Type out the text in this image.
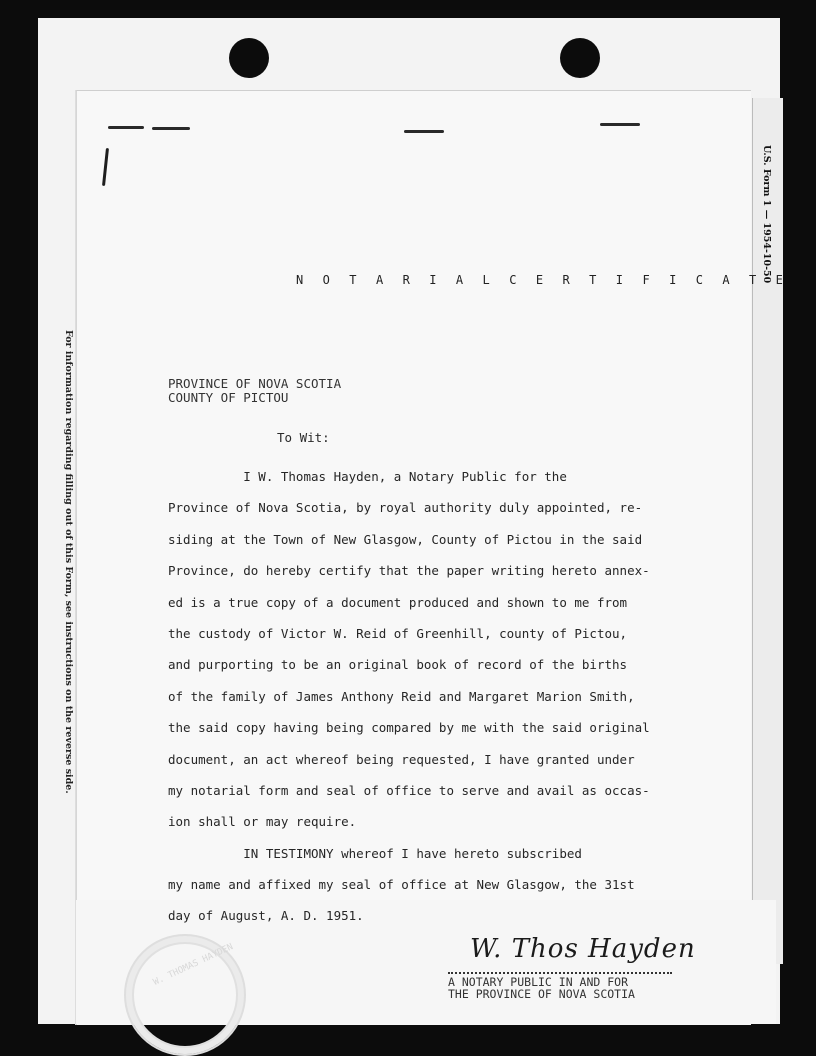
For information regarding filling out of this Form, see instructions on the reverse side.
U.S. Form 1 — 1954-10-50
N O T A R I A L C E R T I F I C A T E
PROVINCE OF NOVA SCOTIA
COUNTY OF PICTOU
To Wit:
I W. Thomas Hayden, a Notary Public for the
Province of Nova Scotia, by royal authority duly appointed, re-
siding at the Town of New Glasgow, County of Pictou in the said
Province, do hereby certify that the paper writing hereto annex-
ed is a true copy of a document produced and shown to me from
the custody of Victor W. Reid of Greenhill, county of Pictou,
and purporting to be an original book of record of the births
of the family of James Anthony Reid and Margaret Marion Smith,
the said copy having being compared by me with the said original
document, an act whereof being requested, I have granted under
my notarial form and seal of office to serve and avail as occas-
ion shall or may require.
IN TESTIMONY whereof I have hereto subscribed
my name and affixed my seal of office at New Glasgow, the 31st
day of August, A. D. 1951.
W. THOMAS HAYDEN	W. Thos Hayden
A NOTARY PUBLIC IN AND FOR
THE PROVINCE OF NOVA SCOTIA
